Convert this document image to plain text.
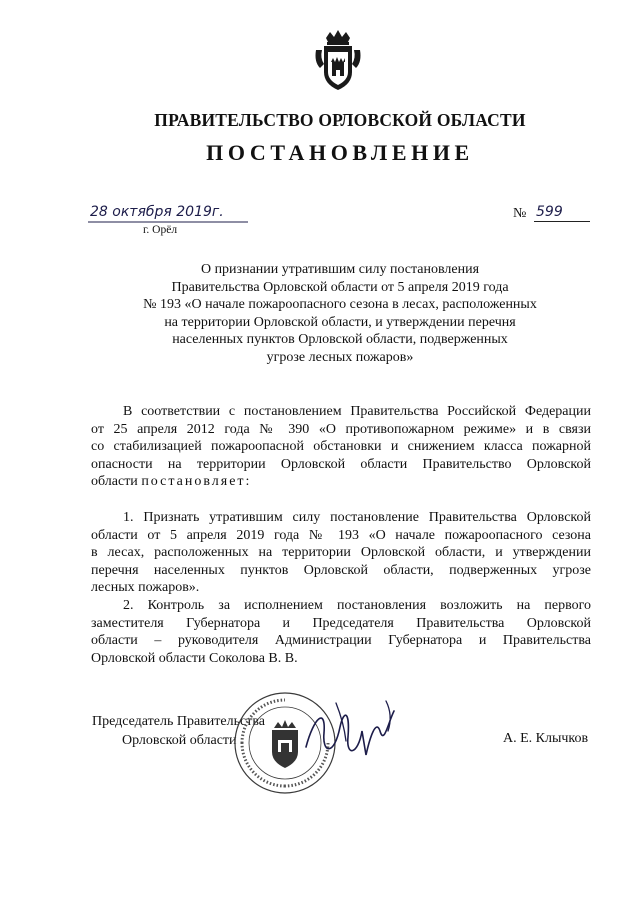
ПРАВИТЕЛЬСТВО ОРЛОВСКОЙ ОБЛАСТИ
ПОСТАНОВЛЕНИЕ
28 октября 2019г.
г. Орёл
№ 599
О признании утратившим силу постановления
Правительства Орловской области от 5 апреля 2019 года
№ 193 «О начале пожароопасного сезона в лесах, расположенных
на территории Орловской области, и утверждении перечня
населенных пунктов Орловской области, подверженных
угрозе лесных пожаров»
В соответствии с постановлением Правительства Российской Федерации
от 25 апреля 2012 года № 390 «О противопожарном режиме» и в связи
со стабилизацией пожароопасной обстановки и снижением класса пожарной
опасности на территории Орловской области Правительство Орловской
области постановляет:
1. Признать утратившим силу постановление Правительства Орловской
области от 5 апреля 2019 года № 193 «О начале пожароопасного сезона
в лесах, расположенных на территории Орловской области, и утверждении
перечня населенных пунктов Орловской области, подверженных угрозе
лесных пожаров».
2. Контроль за исполнением постановления возложить на первого
заместителя Губернатора и Председателя Правительства Орловской
области – руководителя Администрации Губернатора и Правительства
Орловской области Соколова В. В.
Председатель Правительства
Орловской области	А. Е. Клычков
